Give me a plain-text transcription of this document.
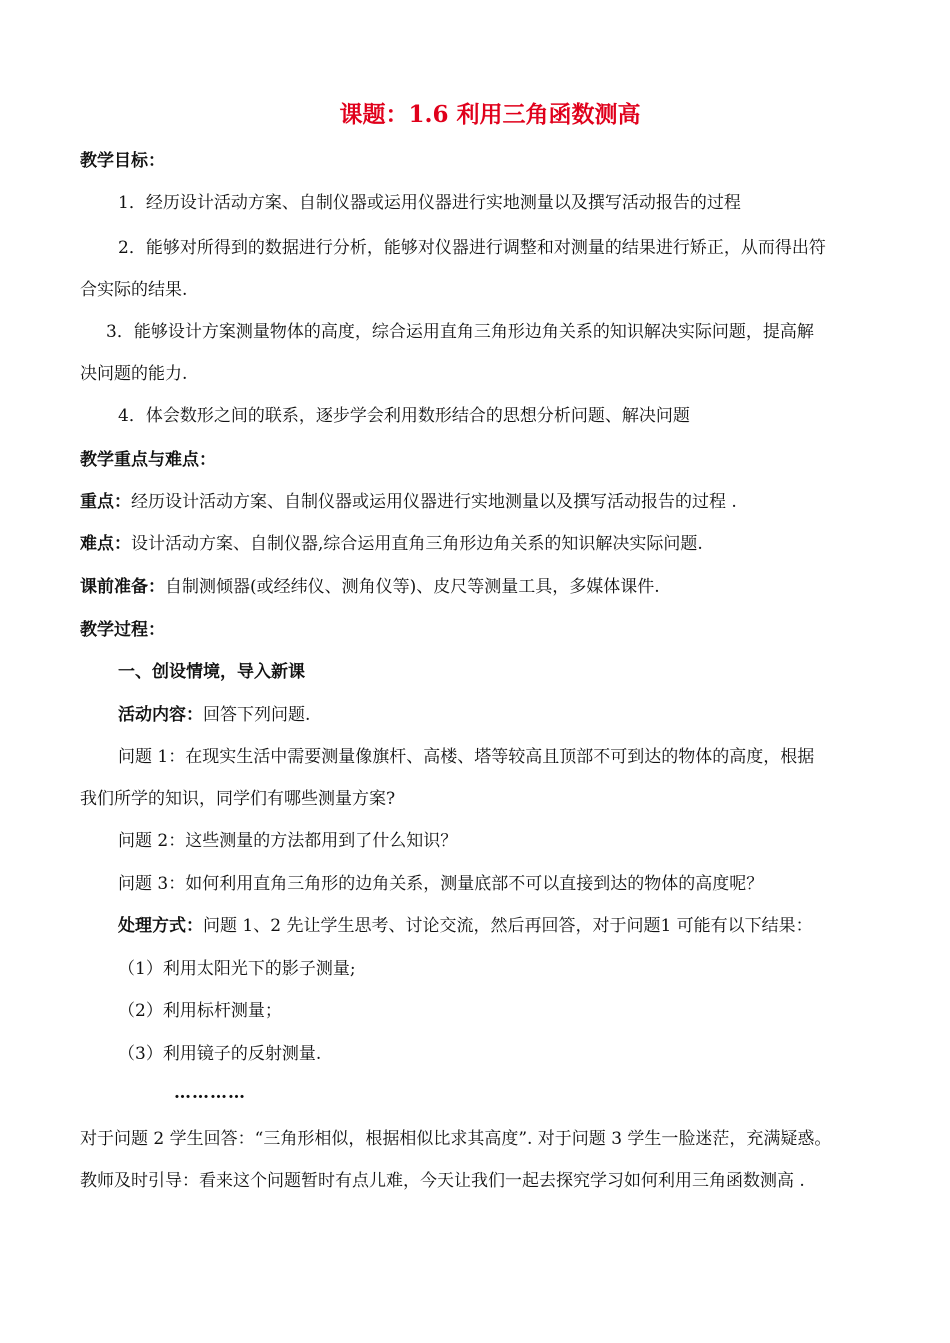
课题：1.6 利用三角函数测高
教学目标：
1．经历设计活动方案、自制仪器或运用仪器进行实地测量以及撰写活动报告的过程
2．能够对所得到的数据进行分析，能够对仪器进行调整和对测量的结果进行矫正，从而得出符
合实际的结果.
3．能够设计方案测量物体的高度，综合运用直角三角形边角关系的知识解决实际问题，提高解
决问题的能力.
4．体会数形之间的联系，逐步学会利用数形结合的思想分析问题、解决问题
教学重点与难点：
重点：经历设计活动方案、自制仪器或运用仪器进行实地测量以及撰写活动报告的过程 .
难点：设计活动方案、自制仪器,综合运用直角三角形边角关系的知识解决实际问题.
课前准备：自制测倾器(或经纬仪、测角仪等)、皮尺等测量工具，多媒体课件.
教学过程：
一、创设情境，导入新课
活动内容：回答下列问题.
问题 1：在现实生活中需要测量像旗杆、高楼、塔等较高且顶部不可到达的物体的高度，根据
我们所学的知识，同学们有哪些测量方案?
问题 2：这些测量的方法都用到了什么知识？
问题 3：如何利用直角三角形的边角关系，测量底部不可以直接到达的物体的高度呢？
处理方式：问题 1、2 先让学生思考、讨论交流，然后再回答，对于问题1 可能有以下结果：
（1）利用太阳光下的影子测量;
（2）利用标杆测量；
（3）利用镜子的反射测量.
…………
对于问题 2 学生回答：“三角形相似，根据相似比求其高度”. 对于问题 3 学生一脸迷茫，充满疑惑。
教师及时引导：看来这个问题暂时有点儿难，今天让我们一起去探究学习如何利用三角函数测高 .
